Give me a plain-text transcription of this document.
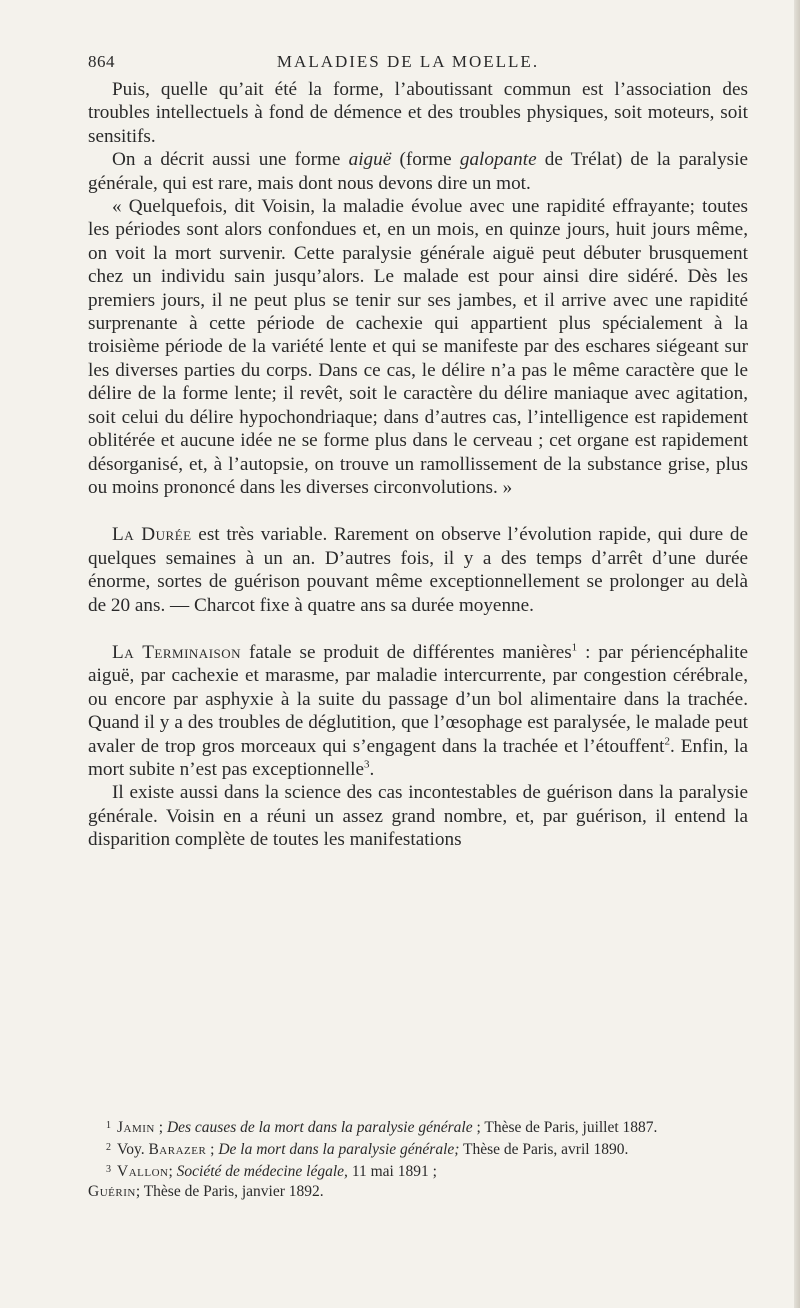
864	MALADIES DE LA MOELLE.

Puis, quelle qu’ait été la forme, l’aboutissant commun est l’association des troubles intellectuels à fond de démence et des troubles physiques, soit moteurs, soit sensitifs.

On a décrit aussi une forme aiguë (forme galopante de Trélat) de la paralysie générale, qui est rare, mais dont nous devons dire un mot.

« Quelquefois, dit Voisin, la maladie évolue avec une rapidité effrayante; toutes les périodes sont alors confondues et, en un mois, en quinze jours, huit jours même, on voit la mort survenir. Cette paralysie générale aiguë peut débuter brusquement chez un individu sain jusqu’alors. Le malade est pour ainsi dire sidéré. Dès les premiers jours, il ne peut plus se tenir sur ses jambes, et il arrive avec une rapidité surprenante à cette période de cachexie qui appartient plus spécialement à la troisième période de la variété lente et qui se manifeste par des eschares siégeant sur les diverses parties du corps. Dans ce cas, le délire n’a pas le même caractère que le délire de la forme lente; il revêt, soit le caractère du délire maniaque avec agitation, soit celui du délire hypochondriaque; dans d’autres cas, l’intelligence est rapidement oblitérée et aucune idée ne se forme plus dans le cerveau ; cet organe est rapidement désorganisé, et, à l’autopsie, on trouve un ramollissement de la substance grise, plus ou moins prononcé dans les diverses circonvolutions. »

La Durée est très variable. Rarement on observe l’évolution rapide, qui dure de quelques semaines à un an. D’autres fois, il y a des temps d’arrêt d’une durée énorme, sortes de guérison pouvant même exceptionnellement se prolonger au delà de 20 ans. — Charcot fixe à quatre ans sa durée moyenne.

La Terminaison fatale se produit de différentes manières$^1$ : par périencéphalite aiguë, par cachexie et marasme, par maladie intercurrente, par congestion cérébrale, ou encore par asphyxie à la suite du passage d’un bol alimentaire dans la trachée. Quand il y a des troubles de déglutition, que l’œsophage est paralysée, le malade peut avaler de trop gros morceaux qui s’engagent dans la trachée et l’étouffent$^2$. Enfin, la mort subite n’est pas exceptionnelle$^3$.

Il existe aussi dans la science des cas incontestables de guérison dans la paralysie générale. Voisin en a réuni un assez grand nombre, et, par guérison, il entend la disparition complète de toutes les manifestations

$^1$ Jamin ; Des causes de la mort dans la paralysie générale ; Thèse de Paris, juillet 1887.

$^2$ Voy. Barazer ; De la mort dans la paralysie générale; Thèse de Paris, avril 1890.

$^3$ Vallon; Société de médecine légale, 11 mai 1891 ;

Guérin; Thèse de Paris, janvier 1892.
